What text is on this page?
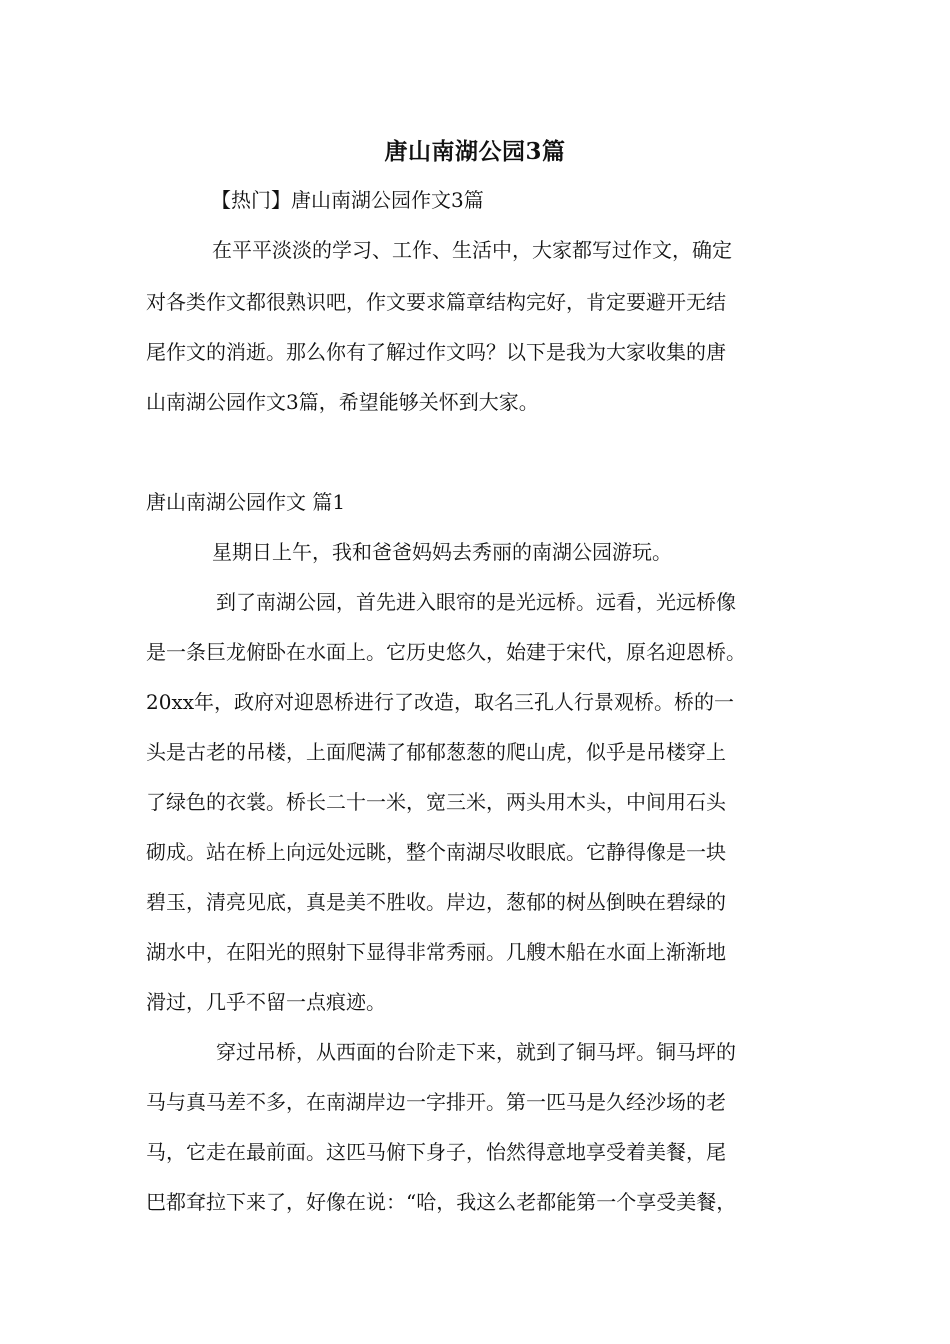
唐山南湖公园3篇
【热门】唐山南湖公园作文3篇
在平平淡淡的学习、工作、生活中，大家都写过作文，确定
对各类作文都很熟识吧，作文要求篇章结构完好，肯定要避开无结
尾作文的消逝。那么你有了解过作文吗？以下是我为大家收集的唐
山南湖公园作文3篇，希望能够关怀到大家。
唐山南湖公园作文 篇1
星期日上午，我和爸爸妈妈去秀丽的南湖公园游玩。
到了南湖公园，首先进入眼帘的是光远桥。远看，光远桥像
是一条巨龙俯卧在水面上。它历史悠久，始建于宋代，原名迎恩桥。
20xx年，政府对迎恩桥进行了改造，取名三孔人行景观桥。桥的一
头是古老的吊楼，上面爬满了郁郁葱葱的爬山虎，似乎是吊楼穿上
了绿色的衣裳。桥长二十一米，宽三米，两头用木头，中间用石头
砌成。站在桥上向远处远眺，整个南湖尽收眼底。它静得像是一块
碧玉，清亮见底，真是美不胜收。岸边，葱郁的树丛倒映在碧绿的
湖水中，在阳光的照射下显得非常秀丽。几艘木船在水面上渐渐地
滑过，几乎不留一点痕迹。
穿过吊桥，从西面的台阶走下来，就到了铜马坪。铜马坪的
马与真马差不多，在南湖岸边一字排开。第一匹马是久经沙场的老
马，它走在最前面。这匹马俯下身子，怡然得意地享受着美餐，尾
巴都耷拉下来了，好像在说：“哈，我这么老都能第一个享受美餐，
